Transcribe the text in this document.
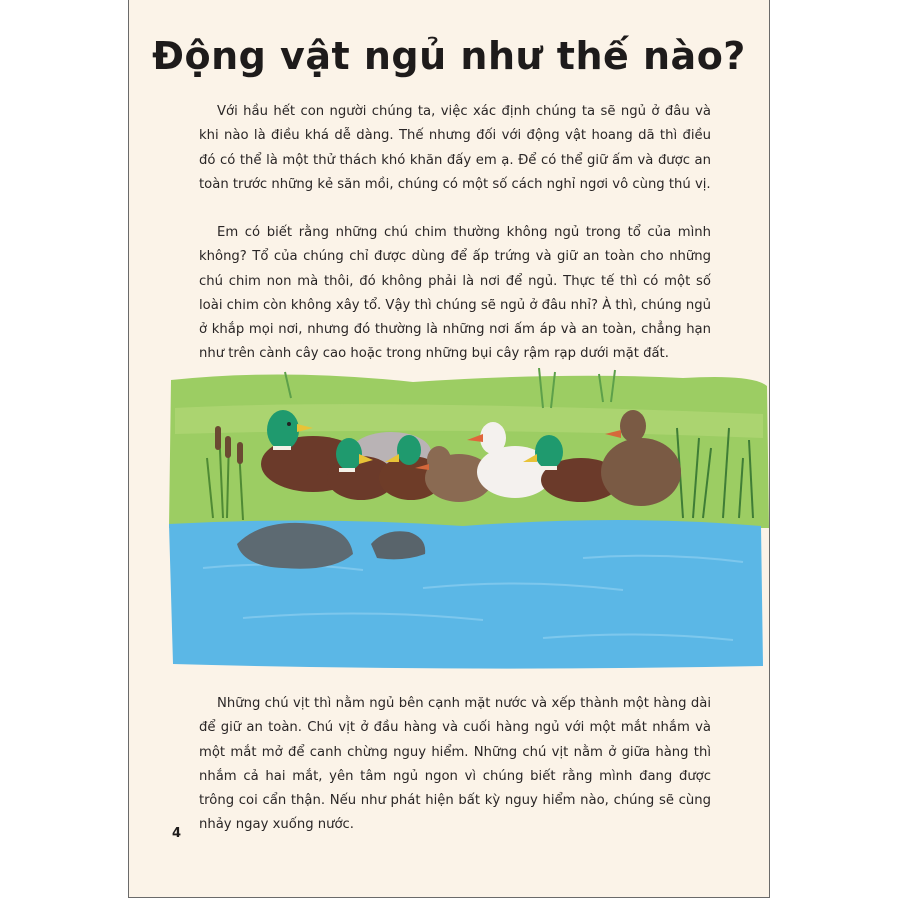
Động vật ngủ như thế nào?

Với hầu hết con người chúng ta, việc xác định chúng ta sẽ ngủ ở đâu và khi nào là điều khá dễ dàng. Thế nhưng đối với động vật hoang dã thì điều đó có thể là một thử thách khó khăn đấy em ạ. Để có thể giữ ấm và được an toàn trước những kẻ săn mồi, chúng có một số cách nghỉ ngơi vô cùng thú vị.

Em có biết rằng những chú chim thường không ngủ trong tổ của mình không? Tổ của chúng chỉ được dùng để ấp trứng và giữ an toàn cho những chú chim non mà thôi, đó không phải là nơi để ngủ. Thực tế thì có một số loài chim còn không xây tổ. Vậy thì chúng sẽ ngủ ở đâu nhỉ? À thì, chúng ngủ ở khắp mọi nơi, nhưng đó thường là những nơi ấm áp và an toàn, chẳng hạn như trên cành cây cao hoặc trong những bụi cây rậm rạp dưới mặt đất.

Những chú vịt thì nằm ngủ bên cạnh mặt nước và xếp thành một hàng dài để giữ an toàn. Chú vịt ở đầu hàng và cuối hàng ngủ với một mắt nhắm và một mắt mở để canh chừng nguy hiểm. Những chú vịt nằm ở giữa hàng thì nhắm cả hai mắt, yên tâm ngủ ngon vì chúng biết rằng mình đang được trông coi cẩn thận. Nếu như phát hiện bất kỳ nguy hiểm nào, chúng sẽ cùng nhảy ngay xuống nước.

4
